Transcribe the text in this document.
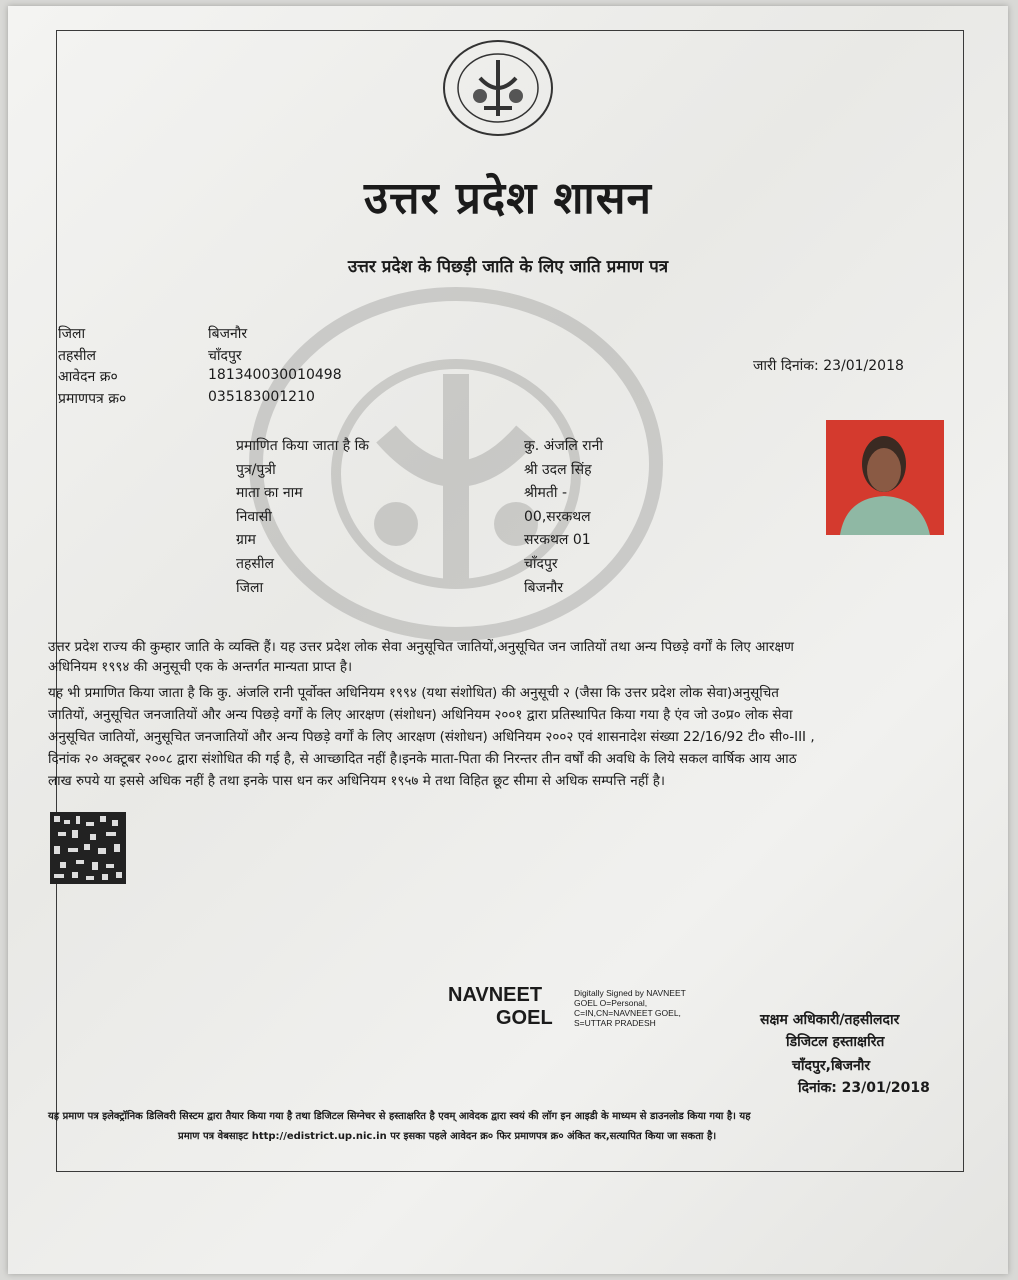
उत्तर प्रदेश शासन
उत्तर प्रदेश के पिछड़ी जाति के लिए जाति प्रमाण पत्र
जिला	बिजनौर
तहसील	चाँदपुर
आवेदन क्र०	181340030010498
प्रमाणपत्र क्र०	035183001210
जारी दिनांक: 23/01/2018
प्रमाणित किया जाता है कि	कु. अंजलि रानी
पुत्र/पुत्री	श्री उदल सिंह
माता का नाम	श्रीमती -
निवासी	00,सरकथल
ग्राम	सरकथल 01
तहसील	चाँदपुर
जिला	बिजनौर
उत्तर प्रदेश राज्य की कुम्हार जाति के व्यक्ति हैं। यह उत्तर प्रदेश लोक सेवा अनुसूचित जातियों,अनुसूचित जन जातियों तथा अन्य पिछड़े वर्गों के लिए आरक्षण
अधिनियम १९९४ की अनुसूची एक के अन्तर्गत मान्यता प्राप्त है।
यह भी प्रमाणित किया जाता है कि कु. अंजलि रानी पूर्वोक्त अधिनियम १९९४ (यथा संशोधित) की अनुसूची २ (जैसा कि उत्तर प्रदेश लोक सेवा)अनुसूचित
जातियों, अनुसूचित जनजातियों और अन्य पिछड़े वर्गों के लिए आरक्षण (संशोधन) अधिनियम २००१ द्वारा प्रतिस्थापित किया गया है एंव जो उ०प्र० लोक सेवा
अनुसूचित जातियों, अनुसूचित जनजातियों और अन्य पिछड़े वर्गों के लिए आरक्षण (संशोधन) अधिनियम २००२ एवं शासनादेश संख्या 22/16/92 टी० सी०-III ,
दिनांक २० अक्टूबर २००८ द्वारा संशोधित की गई है, से आच्छादित नहीं है।इनके माता-पिता की निरन्तर तीन वर्षों की अवधि के लिये सकल वार्षिक आय आठ
लाख रुपये या इससे अधिक नहीं है तथा इनके पास धन कर अधिनियम १९५७ मे तथा विहित छूट सीमा से अधिक सम्पत्ति नहीं है।
NAVNEET
GOEL
Digitally Signed by NAVNEET
GOEL O=Personal,
C=IN,CN=NAVNEET GOEL,
S=UTTAR PRADESH	सक्षम अधिकारी/तहसीलदार
डिजिटल हस्ताक्षरित
चाँदपुर,बिजनौर
दिनांक: 23/01/2018
यह प्रमाण पत्र इलेक्ट्रॉनिक डिलिवरी सिस्टम द्वारा तैयार किया गया है तथा डिजिटल सिग्नेचर से हस्ताक्षरित है एवम् आवेदक द्वारा स्वयं की लॉग इन आइडी के माध्यम से डाउनलोड किया गया है। यह
प्रमाण पत्र वेबसाइट http://edistrict.up.nic.in पर इसका पहले आवेदन क्र० फिर प्रमाणपत्र क्र० अंकित कर,सत्यापित किया जा सकता है।
